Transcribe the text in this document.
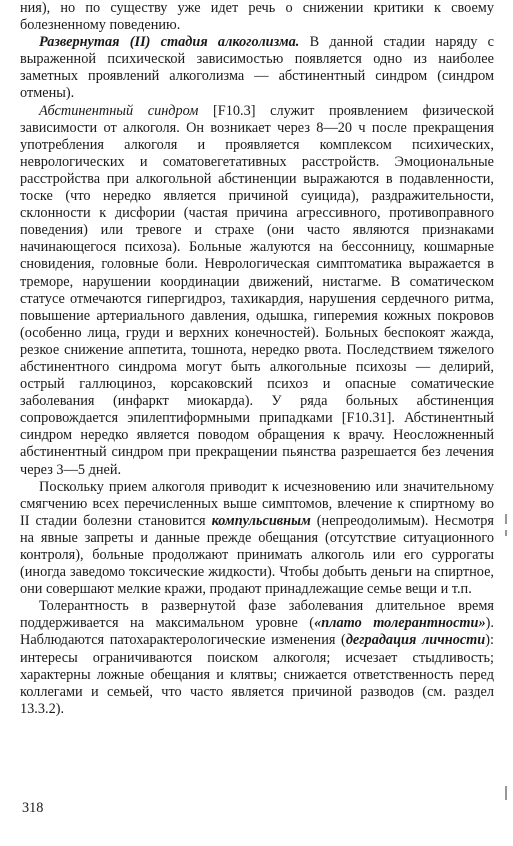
ния), но по существу уже идет речь о снижении критики к своему болезненному поведению.

Развернутая (II) стадия алкоголизма. В данной стадии наряду с выраженной психической зависимостью появляется одно из наиболее заметных проявлений алкоголизма — абстинентный синдром (синдром отмены).

Абстинентный синдром [F10.3] служит проявлением физической зависимости от алкоголя. Он возникает через 8—20 ч после прекращения употребления алкоголя и проявляется комплексом психических, неврологических и соматовегетативных расстройств. Эмоциональные расстройства при алкогольной абстиненции выражаются в подавленности, тоске (что нередко является причиной суицида), раздражительности, склонности к дисфории (частая причина агрессивного, противоправного поведения) или тревоге и страхе (они часто являются признаками начинающегося психоза). Больные жалуются на бессонницу, кошмарные сновидения, головные боли. Неврологическая симптоматика выражается в треморе, нарушении координации движений, нистагме. В соматическом статусе отмечаются гипергидроз, тахикардия, нарушения сердечного ритма, повышение артериального давления, одышка, гиперемия кожных покровов (особенно лица, груди и верхних конечностей). Больных беспокоят жажда, резкое снижение аппетита, тошнота, нередко рвота. Последствием тяжелого абстинентного синдрома могут быть алкогольные психозы — делирий, острый галлюциноз, корсаковский психоз и опасные соматические заболевания (инфаркт миокарда). У ряда больных абстиненция сопровождается эпилептиформными припадками [F10.31]. Абстинентный синдром нередко является поводом обращения к врачу. Неосложненный абстинентный синдром при прекращении пьянства разрешается без лечения через 3—5 дней.

Поскольку прием алкоголя приводит к исчезновению или значительному смягчению всех перечисленных выше симптомов, влечение к спиртному во II стадии болезни становится компульсивным (непреодолимым). Несмотря на явные запреты и данные прежде обещания (отсутствие ситуационного контроля), больные продолжают принимать алкоголь или его суррогаты (иногда заведомо токсические жидкости). Чтобы добыть деньги на спиртное, они совершают мелкие кражи, продают принадлежащие семье вещи и т.п.

Толерантность в развернутой фазе заболевания длительное время поддерживается на максимальном уровне («плато толерантности»). Наблюдаются патохарактерологические изменения (деградация личности): интересы ограничиваются поиском алкоголя; исчезает стыдливость; характерны ложные обещания и клятвы; снижается ответственность перед коллегами и семьей, что часто является причиной разводов (см. раздел 13.3.2).

318
